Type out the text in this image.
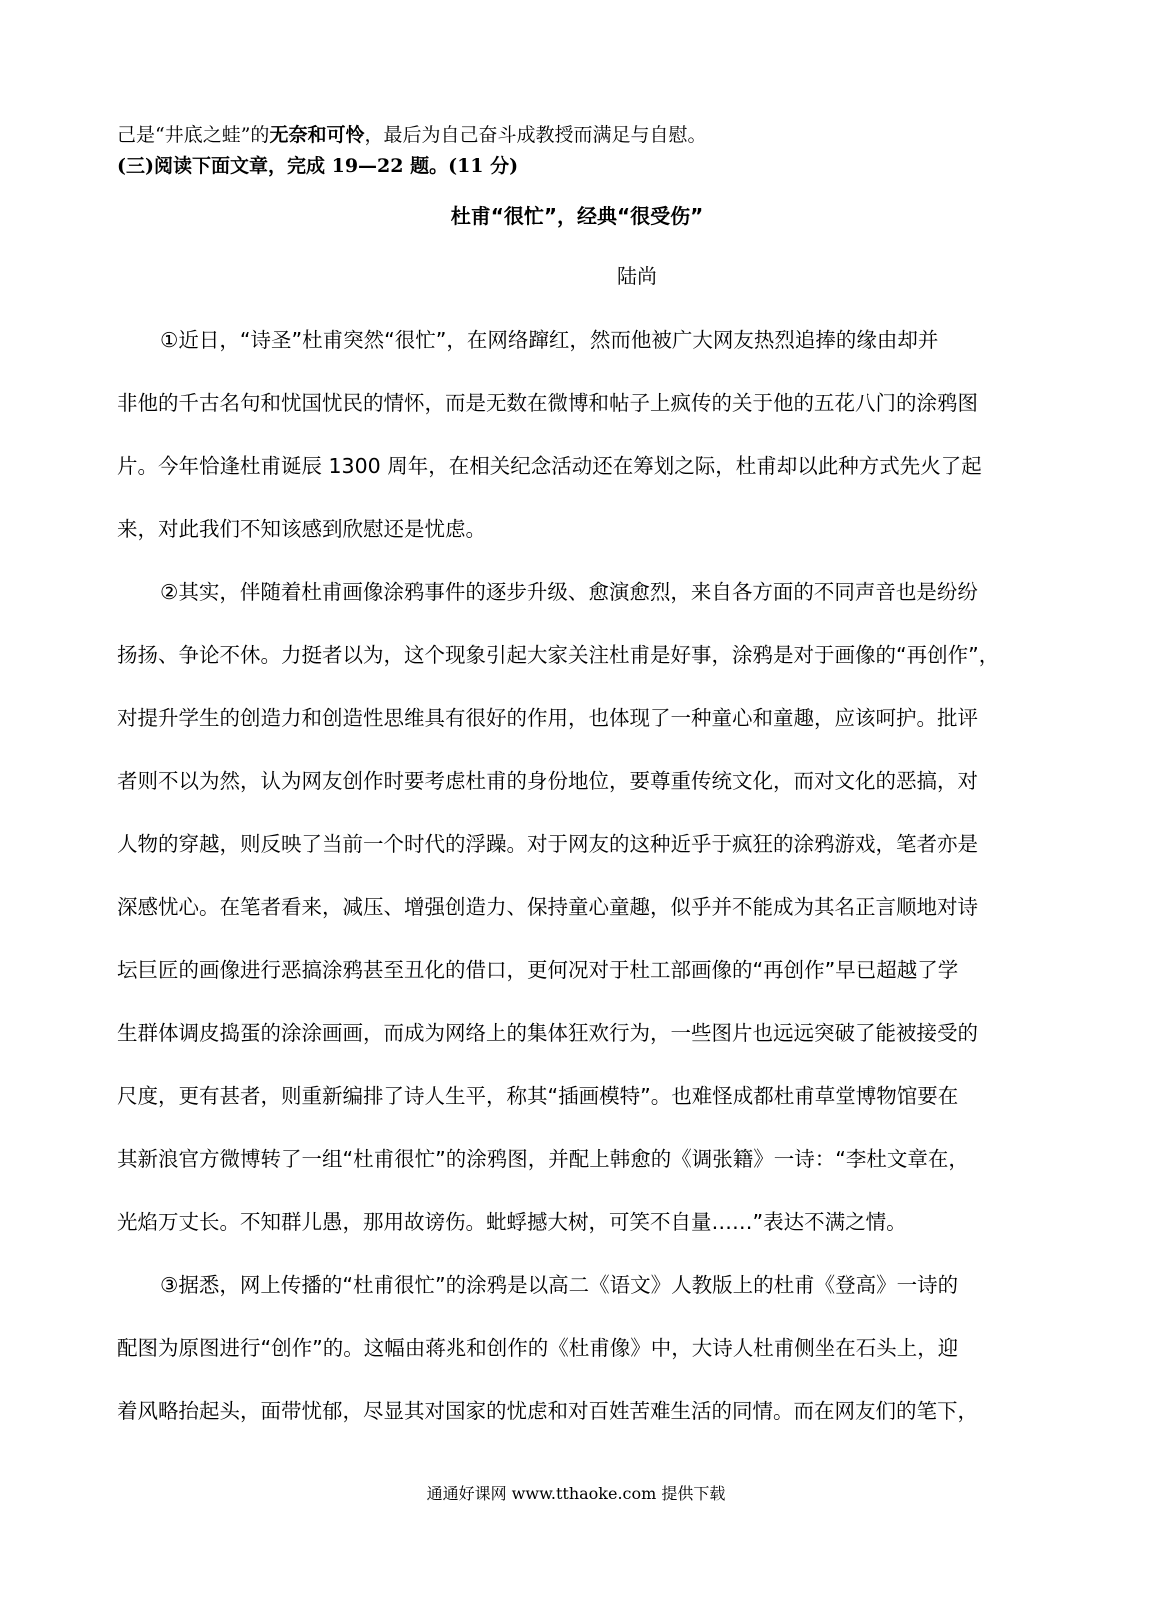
己是“井底之蛙”的无奈和可怜，最后为自己奋斗成教授而满足与自慰。
(三)阅读下面文章，完成 19—22 题。(11 分)
杜甫“很忙”，经典“很受伤”
陆尚
①近日，“诗圣”杜甫突然“很忙”，在网络蹿红，然而他被广大网友热烈追捧的缘由却并
非他的千古名句和忧国忧民的情怀，而是无数在微博和帖子上疯传的关于他的五花八门的涂鸦图
片。今年恰逢杜甫诞辰 1300 周年，在相关纪念活动还在筹划之际，杜甫却以此种方式先火了起
来，对此我们不知该感到欣慰还是忧虑。
②其实，伴随着杜甫画像涂鸦事件的逐步升级、愈演愈烈，来自各方面的不同声音也是纷纷
扬扬、争论不休。力挺者以为，这个现象引起大家关注杜甫是好事，涂鸦是对于画像的“再创作”，
对提升学生的创造力和创造性思维具有很好的作用，也体现了一种童心和童趣，应该呵护。批评
者则不以为然，认为网友创作时要考虑杜甫的身份地位，要尊重传统文化，而对文化的恶搞，对
人物的穿越，则反映了当前一个时代的浮躁。对于网友的这种近乎于疯狂的涂鸦游戏，笔者亦是
深感忧心。在笔者看来，减压、增强创造力、保持童心童趣，似乎并不能成为其名正言顺地对诗
坛巨匠的画像进行恶搞涂鸦甚至丑化的借口，更何况对于杜工部画像的“再创作”早已超越了学
生群体调皮捣蛋的涂涂画画，而成为网络上的集体狂欢行为，一些图片也远远突破了能被接受的
尺度，更有甚者，则重新编排了诗人生平，称其“插画模特”。也难怪成都杜甫草堂博物馆要在
其新浪官方微博转了一组“杜甫很忙”的涂鸦图，并配上韩愈的《调张籍》一诗：“李杜文章在，
光焰万丈长。不知群儿愚，那用故谤伤。蚍蜉撼大树，可笑不自量……”表达不满之情。
③据悉，网上传播的“杜甫很忙”的涂鸦是以高二《语文》人教版上的杜甫《登高》一诗的
配图为原图进行“创作”的。这幅由蒋兆和创作的《杜甫像》中，大诗人杜甫侧坐在石头上，迎
着风略抬起头，面带忧郁，尽显其对国家的忧虑和对百姓苦难生活的同情。而在网友们的笔下，
通通好课网 www.tthaoke.com 提供下载
